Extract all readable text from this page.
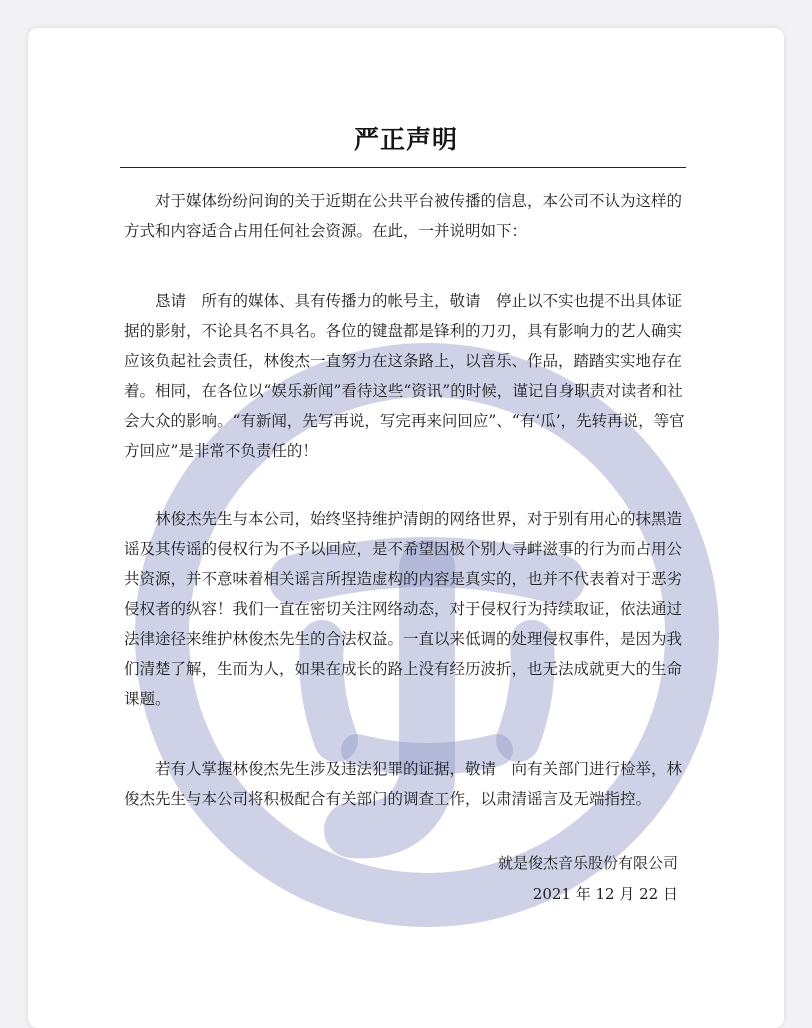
严正声明

对于媒体纷纷问询的关于近期在公共平台被传播的信息，本公司不认为这样的方式和内容适合占用任何社会资源。在此，一并说明如下：

恳请　所有的媒体、具有传播力的帐号主，敬请　停止以不实也提不出具体证据的影射，不论具名不具名。各位的键盘都是锋利的刀刃，具有影响力的艺人确实应该负起社会责任，林俊杰一直努力在这条路上，以音乐、作品，踏踏实实地存在着。相同，在各位以“娱乐新闻”看待这些“资讯”的时候，谨记自身职责对读者和社会大众的影响。“有新闻，先写再说，写完再来问回应”、“有‘瓜’，先转再说，等官方回应”是非常不负责任的！

林俊杰先生与本公司，始终坚持维护清朗的网络世界，对于别有用心的抹黑造谣及其传谣的侵权行为不予以回应，是不希望因极个别人寻衅滋事的行为而占用公共资源，并不意味着相关谣言所捏造虚构的内容是真实的，也并不代表着对于恶劣侵权者的纵容！我们一直在密切关注网络动态，对于侵权行为持续取证，依法通过法律途径来维护林俊杰先生的合法权益。一直以来低调的处理侵权事件，是因为我们清楚了解，生而为人，如果在成长的路上没有经历波折，也无法成就更大的生命课题。

若有人掌握林俊杰先生涉及违法犯罪的证据，敬请　向有关部门进行检举，林俊杰先生与本公司将积极配合有关部门的调查工作，以肃清谣言及无端指控。

就是俊杰音乐股份有限公司
2021 年 12 月 22 日
